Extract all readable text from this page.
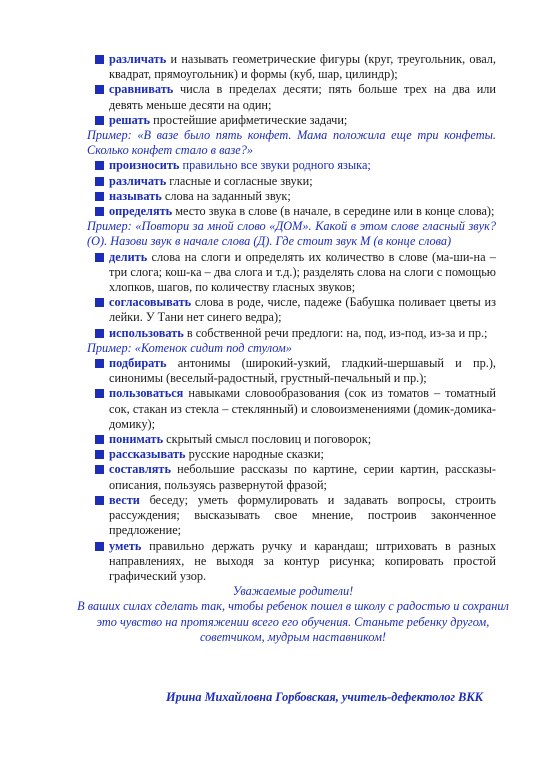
различать и называть геометрические фигуры (круг, треугольник, овал, квадрат, прямоугольник) и формы (куб, шар, цилиндр);
сравнивать числа в пределах десяти; пять больше трех на два или девять меньше десяти на один;
решать простейшие арифметические задачи;
Пример: «В вазе было пять конфет. Мама положила еще три конфеты. Сколько конфет стало в вазе?»
произносить правильно все звуки родного языка;
различать гласные и согласные звуки;
называть слова на заданный звук;
определять место звука в слове (в начале, в середине или в конце слова);
Пример: «Повтори за мной слово «ДОМ». Какой в этом слове гласный звук? (О). Назови звук в начале слова (Д). Где стоит звук М (в конце слова)
делить слова на слоги и определять их количество в слове (ма-ши-на – три слога; кош-ка – два слога и т.д.); разделять слова на слоги с помощью хлопков, шагов, по количеству гласных звуков;
согласовывать слова в роде, числе, падеже (Бабушка поливает цветы из лейки. У Тани нет синего ведра);
использовать в собственной речи предлоги: на, под, из-под, из-за и пр.;
Пример: «Котенок сидит под стулом»
подбирать антонимы (широкий-узкий, гладкий-шершавый и пр.), синонимы (веселый-радостный, грустный-печальный и пр.);
пользоваться навыками словообразования (сок из томатов – томатный сок, стакан из стекла – стеклянный) и словоизменениями (домик-домика-домику);
понимать скрытый смысл пословиц и поговорок;
рассказывать русские народные сказки;
составлять небольшие рассказы по картине, серии картин, рассказы-описания, пользуясь развернутой фразой;
вести беседу; уметь формулировать и задавать вопросы, строить рассуждения; высказывать свое мнение, построив законченное предложение;
уметь правильно держать ручку и карандаш; штриховать в разных направлениях, не выходя за контур рисунка; копировать простой графический узор.
Уважаемые родители!
В ваших силах сделать так, чтобы ребенок пошел в школу с радостью и сохранил это чувство на протяжении всего его обучения. Станьте ребенку другом, советчиком, мудрым наставником!
Ирина Михайловна Горбовская, учитель-дефектолог ВКК
